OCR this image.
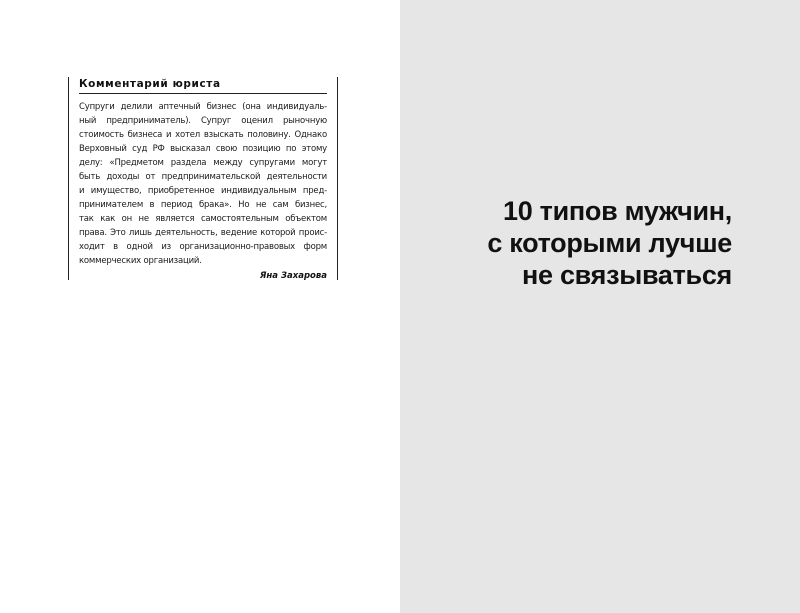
Комментарий юриста

Супруги делили аптечный бизнес (она индивидуаль-
ный предприниматель). Супруг оценил рыночную
стоимость бизнеса и хотел взыскать половину. Однако
Верховный суд РФ высказал свою позицию по этому
делу: «Предметом раздела между супругами могут
быть доходы от предпринимательской деятельности
и имущество, приобретенное индивидуальным пред-
принимателем в период брака». Но не сам бизнес,
так как он не является самостоятельным объектом
права. Это лишь деятельность, ведение которой проис-
ходит в одной из организационно-правовых форм
коммерческих организаций.

Яна Захарова

10 типов мужчин,
с которыми лучше
не связываться
